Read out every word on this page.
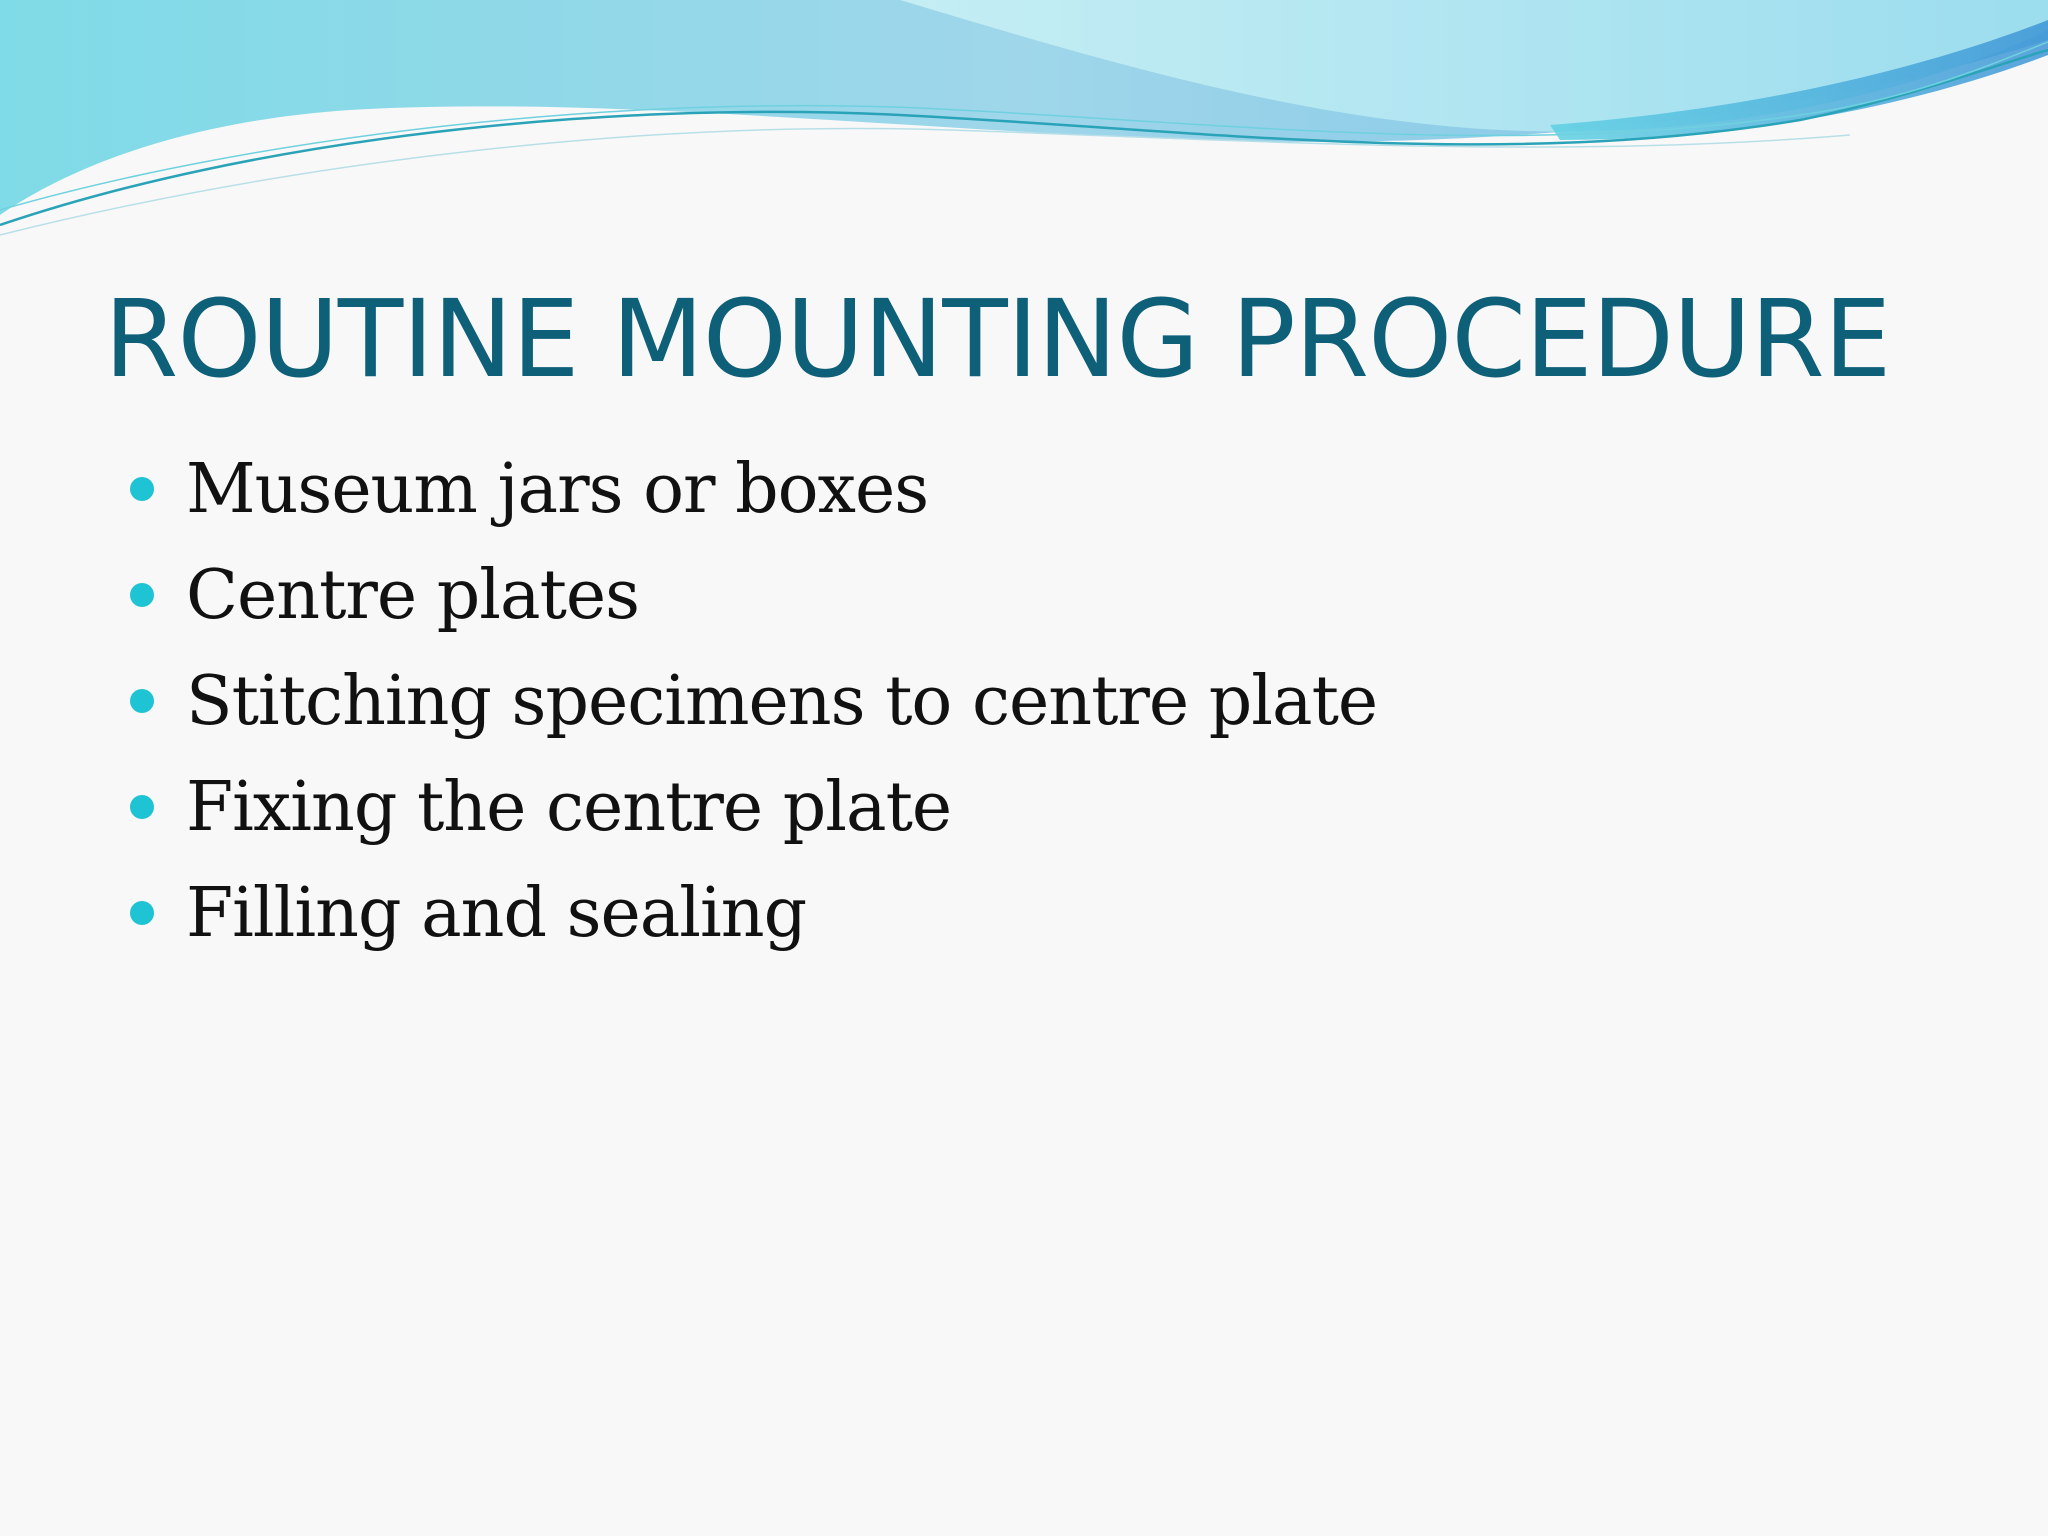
ROUTINE MOUNTING PROCEDURE
Museum jars or boxes
Centre plates
Stitching specimens to centre plate
Fixing the centre plate
Filling and sealing
